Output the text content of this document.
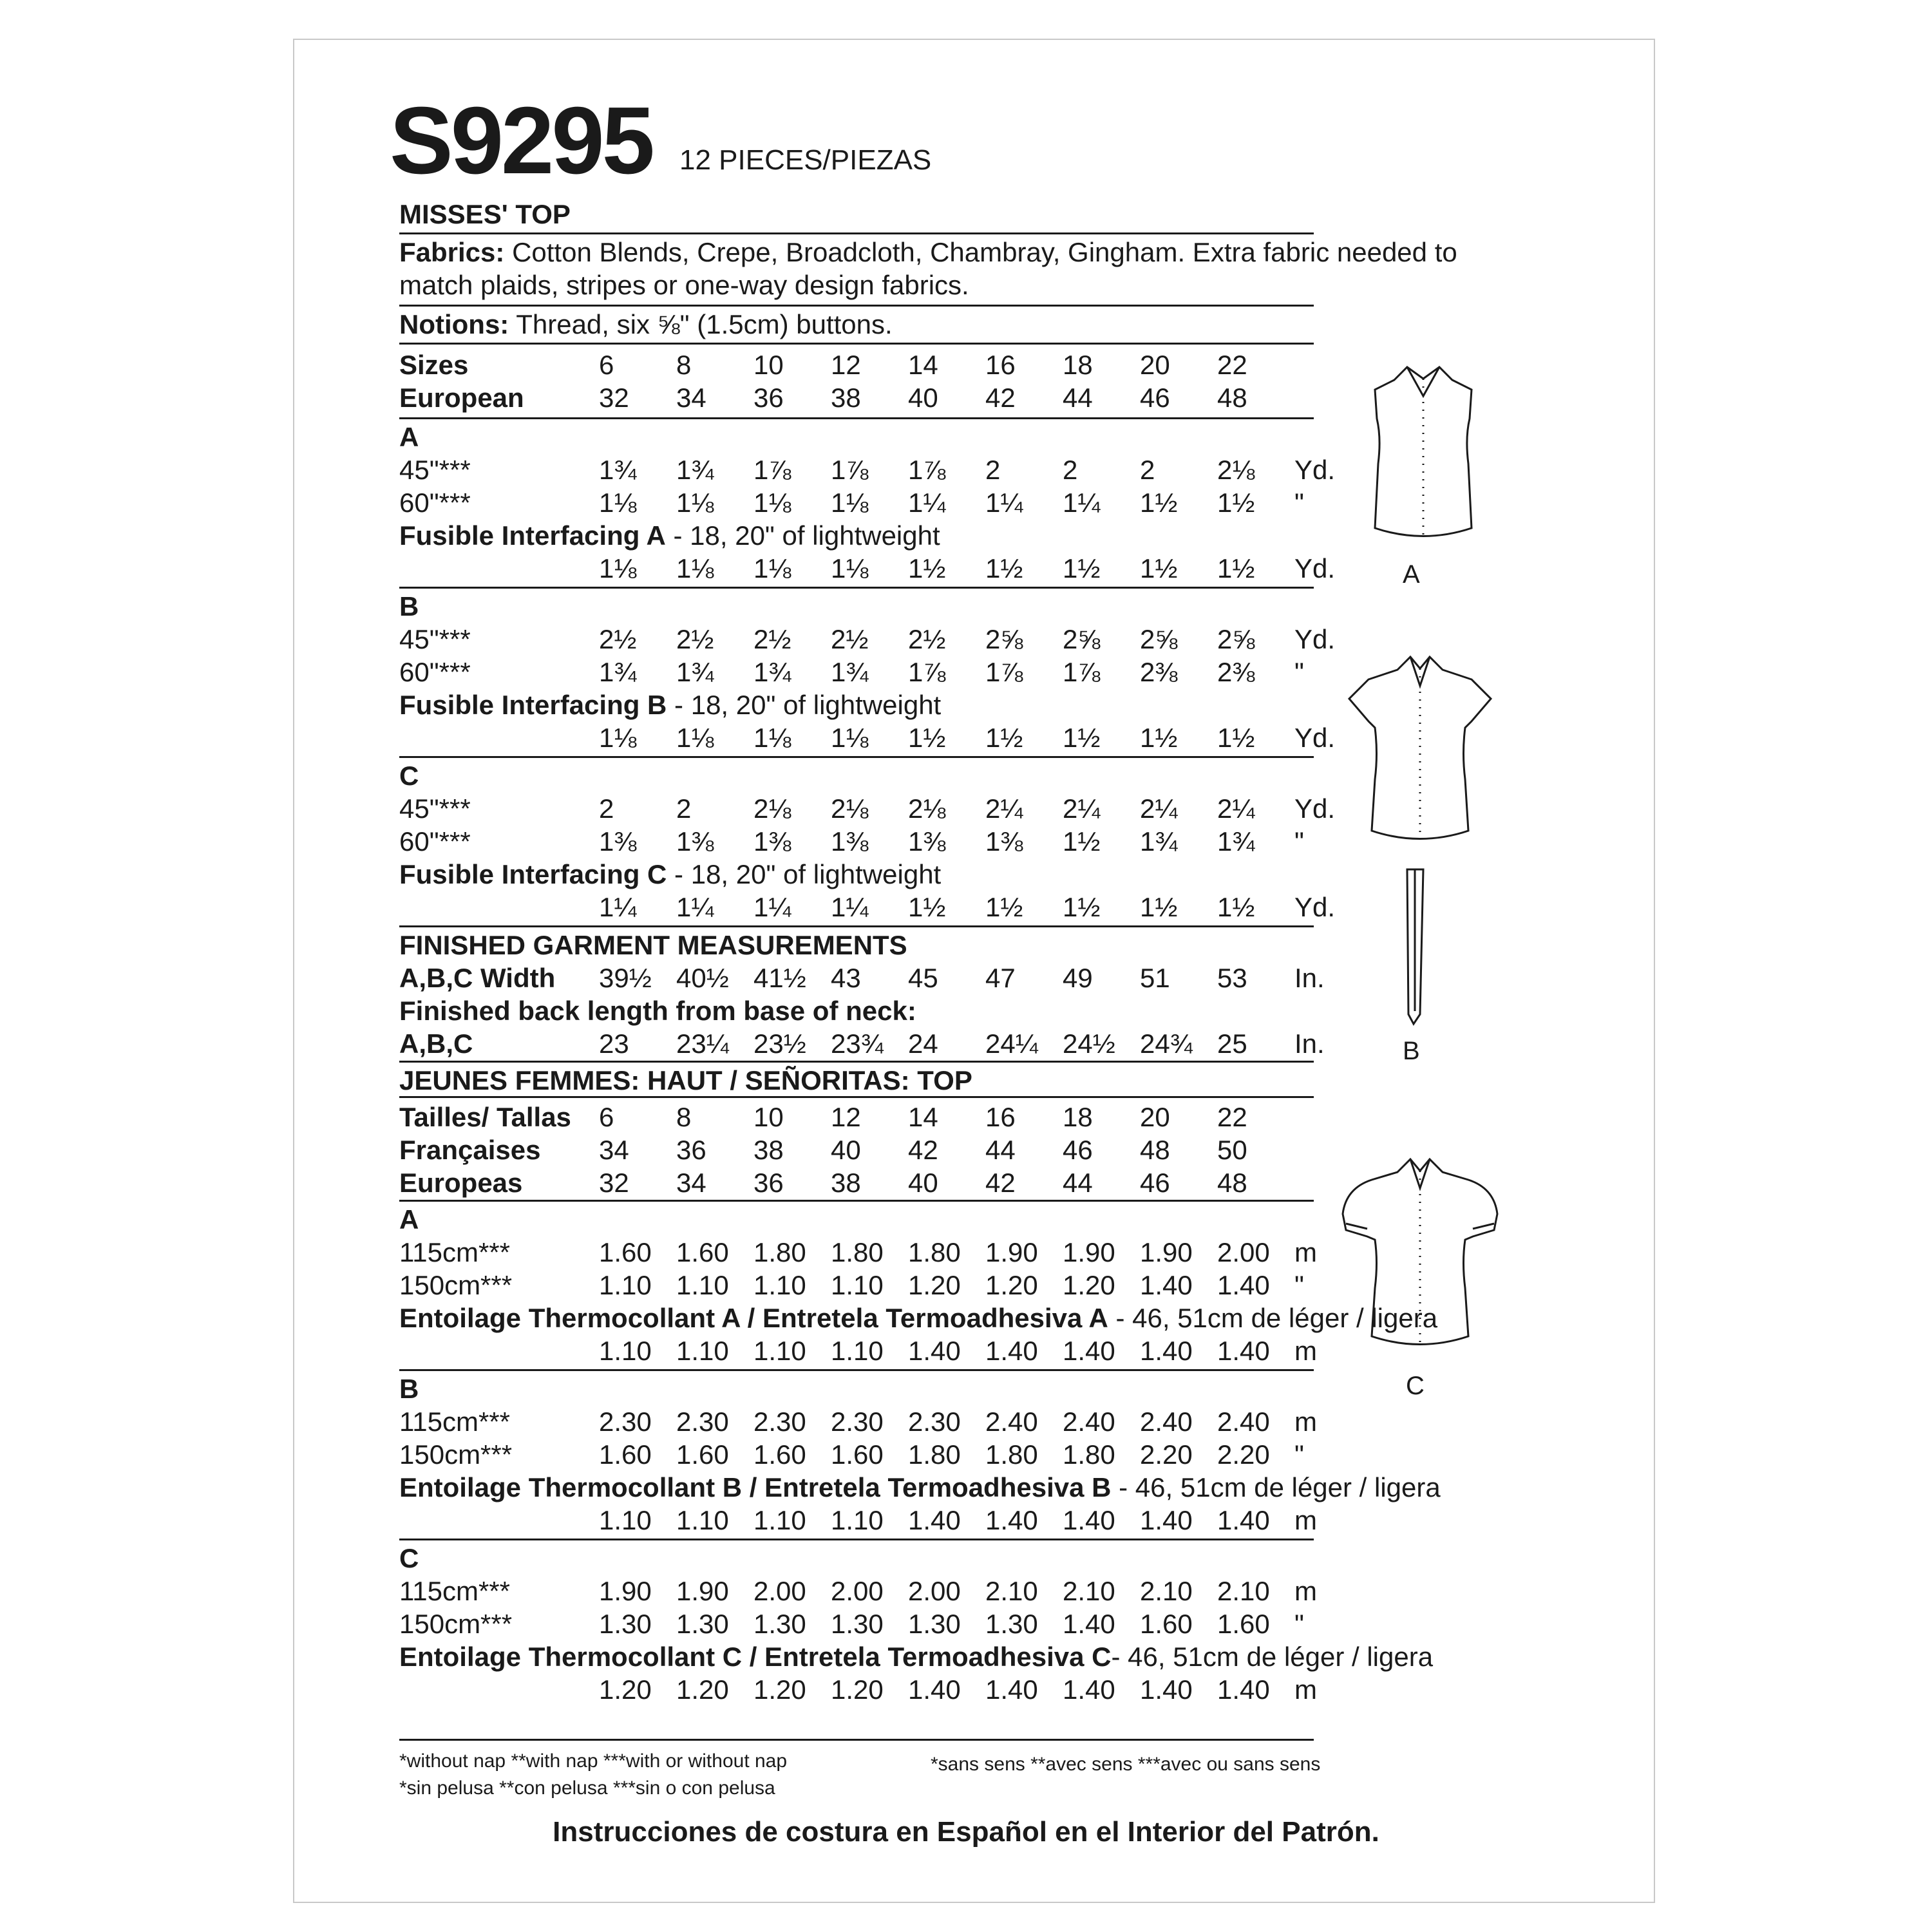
S9295 12 PIECES/PIEZAS
MISSES' TOP
Fabrics: Cotton Blends, Crepe, Broadcloth, Chambray, Gingham. Extra fabric needed to
match plaids, stripes or one-way design fabrics.
Notions: Thread, six ⅝" (1.5cm) buttons.
Sizes	6 8 10 12 14 16 18 20 22
European	32 34 36 38 40 42 44 46 48
A
45"***	1¾ 1¾ 1⅞ 1⅞ 1⅞ 2 2 2 2⅛ Yd.
60"***	1⅛ 1⅛ 1⅛ 1⅛ 1¼ 1¼ 1¼ 1½ 1½ "
Fusible Interfacing A - 18, 20" of lightweight
1⅛ 1⅛ 1⅛ 1⅛ 1½ 1½ 1½ 1½ 1½ Yd.
B
45"***	2½ 2½ 2½ 2½ 2½ 2⅝ 2⅝ 2⅝ 2⅝ Yd.
60"***	1¾ 1¾ 1¾ 1¾ 1⅞ 1⅞ 1⅞ 2⅜ 2⅜ "
Fusible Interfacing B - 18, 20" of lightweight
1⅛ 1⅛ 1⅛ 1⅛ 1½ 1½ 1½ 1½ 1½ Yd.
C
45"***	2 2 2⅛ 2⅛ 2⅛ 2¼ 2¼ 2¼ 2¼ Yd.
60"***	1⅜ 1⅜ 1⅜ 1⅜ 1⅜ 1⅜ 1½ 1¾ 1¾ "
Fusible Interfacing C - 18, 20" of lightweight
1¼ 1¼ 1¼ 1¼ 1½ 1½ 1½ 1½ 1½ Yd.
FINISHED GARMENT MEASUREMENTS
A,B,C Width 39½ 40½ 41½ 43 45 47 49 51 53 In.
Finished back length from base of neck:
A,B,C	23 23¼ 23½ 23¾ 24 24¼ 24½ 24¾ 25 In.
JEUNES FEMMES: HAUT / SEÑORITAS: TOP
Tailles/ Tallas 6 8 10 12 14 16 18 20 22
Françaises 34 36 38 40 42 44 46 48 50
Europeas	32 34 36 38 40 42 44 46 48
A
115cm***	1.60 1.60 1.80 1.80 1.80 1.90 1.90 1.90 2.00 m
150cm***	1.10 1.10 1.10 1.10 1.20 1.20 1.20 1.40 1.40 "
Entoilage Thermocollant A / Entretela Termoadhesiva A - 46, 51cm de léger / ligera
1.10 1.10 1.10 1.10 1.40 1.40 1.40 1.40 1.40 m
B
115cm***	2.30 2.30 2.30 2.30 2.30 2.40 2.40 2.40 2.40 m
150cm***	1.60 1.60 1.60 1.60 1.80 1.80 1.80 2.20 2.20 "
Entoilage Thermocollant B / Entretela Termoadhesiva B - 46, 51cm de léger / ligera
1.10 1.10 1.10 1.10 1.40 1.40 1.40 1.40 1.40 m
C
115cm***	1.90 1.90 2.00 2.00 2.00 2.10 2.10 2.10 2.10 m
150cm***	1.30 1.30 1.30 1.30 1.30 1.30 1.40 1.60 1.60 "
Entoilage Thermocollant C / Entretela Termoadhesiva C- 46, 51cm de léger / ligera
1.20 1.20 1.20 1.20 1.40 1.40 1.40 1.40 1.40 m
*without nap **with nap ***with or without nap
*sin pelusa **con pelusa ***sin o con pelusa
*sans sens **avec sens ***avec ou sans sens
Instrucciones de costura en Español en el Interior del Patrón.
A
B
C
